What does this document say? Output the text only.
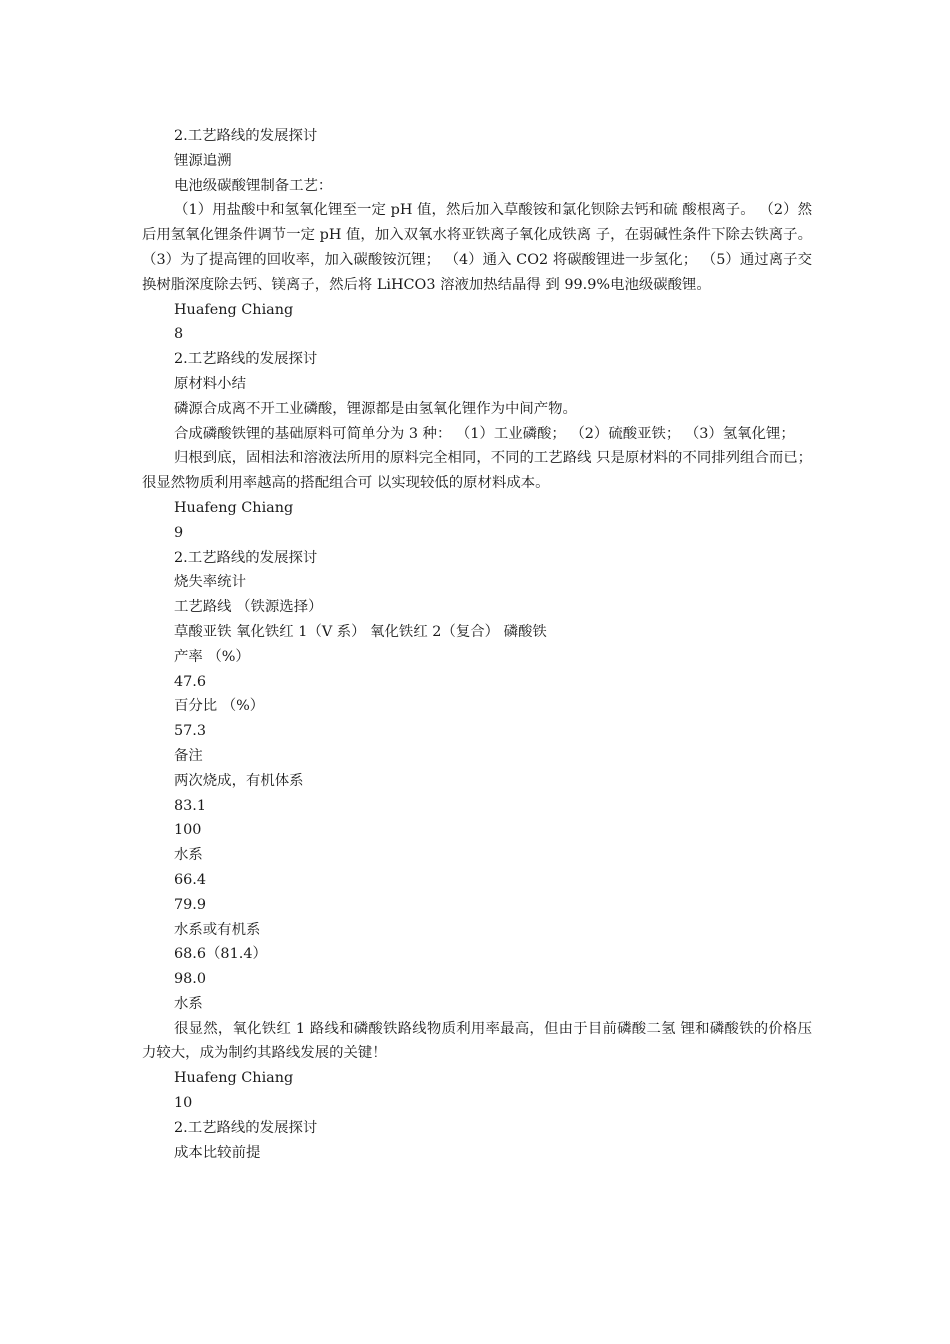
2.工艺路线的发展探讨

锂源追溯

电池级碳酸锂制备工艺：

（1）用盐酸中和氢氧化锂至一定 pH 值，然后加入草酸铵和氯化钡除去钙和硫 酸根离子。 （2）然后用氢氧化锂条件调节一定 pH 值，加入双氧水将亚铁离子氧化成铁离 子，在弱碱性条件下除去铁离子。 （3）为了提高锂的回收率，加入碳酸铵沉锂； （4）通入 CO2 将碳酸锂进一步氢化； （5）通过离子交换树脂深度除去钙、镁离子，然后将 LiHCO3 溶液加热结晶得 到 99.9%电池级碳酸锂。

Huafeng Chiang

8

2.工艺路线的发展探讨

原材料小结

磷源合成离不开工业磷酸，锂源都是由氢氧化锂作为中间产物。

合成磷酸铁锂的基础原料可简单分为 3 种： （1）工业磷酸； （2）硫酸亚铁； （3）氢氧化锂；

归根到底，固相法和溶液法所用的原料完全相同，不同的工艺路线 只是原材料的不同排列组合而已；很显然物质利用率越高的搭配组合可 以实现较低的原材料成本。

Huafeng Chiang

9

2.工艺路线的发展探讨

烧失率统计

工艺路线 （铁源选择）

草酸亚铁 氧化铁红 1（V 系） 氧化铁红 2（复合） 磷酸铁

产率 （%）

47.6

百分比 （%）

57.3

备注

两次烧成，有机体系

83.1

100

水系

66.4

79.9

水系或有机系

68.6（81.4）

98.0

水系

很显然，氧化铁红 1 路线和磷酸铁路线物质利用率最高，但由于目前磷酸二氢 锂和磷酸铁的价格压力较大，成为制约其路线发展的关键！

Huafeng Chiang

10

2.工艺路线的发展探讨

成本比较前提
